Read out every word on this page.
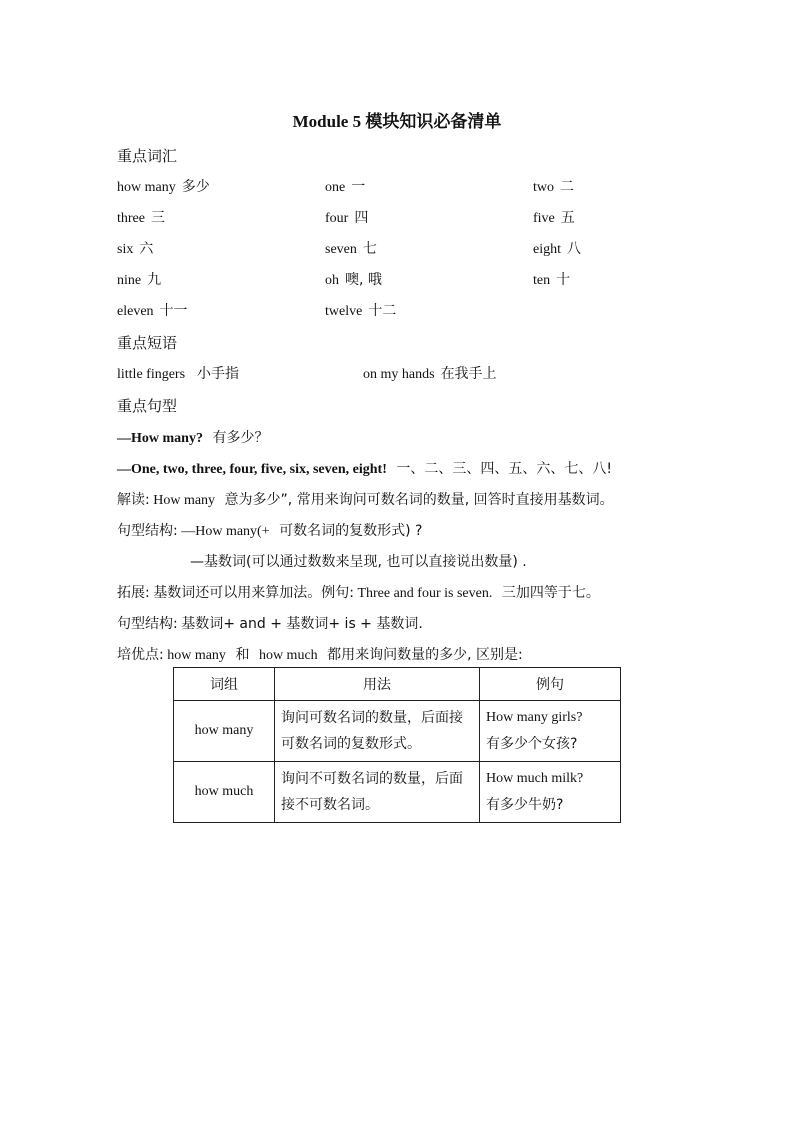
Module 5 模块知识必备清单
重点词汇
how many 多少	one 一	two 二
three 三	four 四	five 五
six 六	seven 七	eight 八
nine 九	oh 噢, 哦	ten 十
eleven 十一	twelve 十二
重点短语
little fingers 小手指	on my hands 在我手上
重点句型
—How many? 有多少？
—One, two, three, four, five, six, seven, eight! 一、二、三、四、五、六、七、八!
解读: How many 意为多少”, 常用来询问可数名词的数量, 回答时直接用基数词。
句型结构: —How many(+ 可数名词的复数形式) ?
—基数词(可以通过数数来呈现, 也可以直接说出数量) .
拓展: 基数词还可以用来算加法。例句: Three and four is seven. 三加四等于七。
句型结构: 基数词+ and + 基数词+ is + 基数词.
培优点: how many 和 how much 都用来询问数量的多少, 区别是:
词组	用法	例句
how many	询问可数名词的数量，后面接可数名词的复数形式。	How many girls?
有多少个女孩?

how much	询问不可数名词的数量，后面接不可数名词。	How much milk?
有多少牛奶?
